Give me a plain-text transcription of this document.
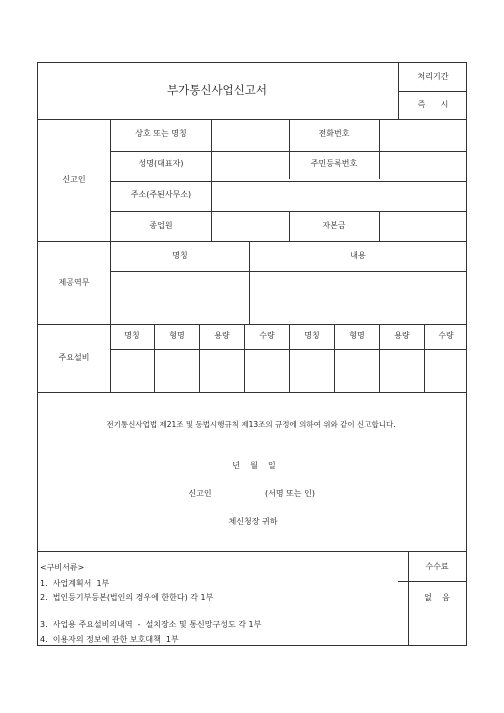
부가통신사업신고서
처리기간
즉      시
신고인
상호 또는 명칭	전화번호
성명(대표자)	주민등록번호
주소(주된사무소)
종업원	자본금
제공역무
명칭	내용
주요설비
명칭	형명	용량	수량	명칭	형명	용량	수량
전기통신사업법 제21조 및 동법시행규칙 제13조의 규정에 의하여 위와 같이 신고합니다.
년    월    일
신고인	(서명 또는 인)
체신청장 귀하
<구비서류>
1.  사업계획서  1부
2.  법인등기부등본(법인의 경우에 한한다) 각 1부
3.  사업용 주요설비의내역  -  설치장소 및 통신망구성도 각 1부
4.  이용자의 정보에 관한 보호대책  1부
수수료
없    음
